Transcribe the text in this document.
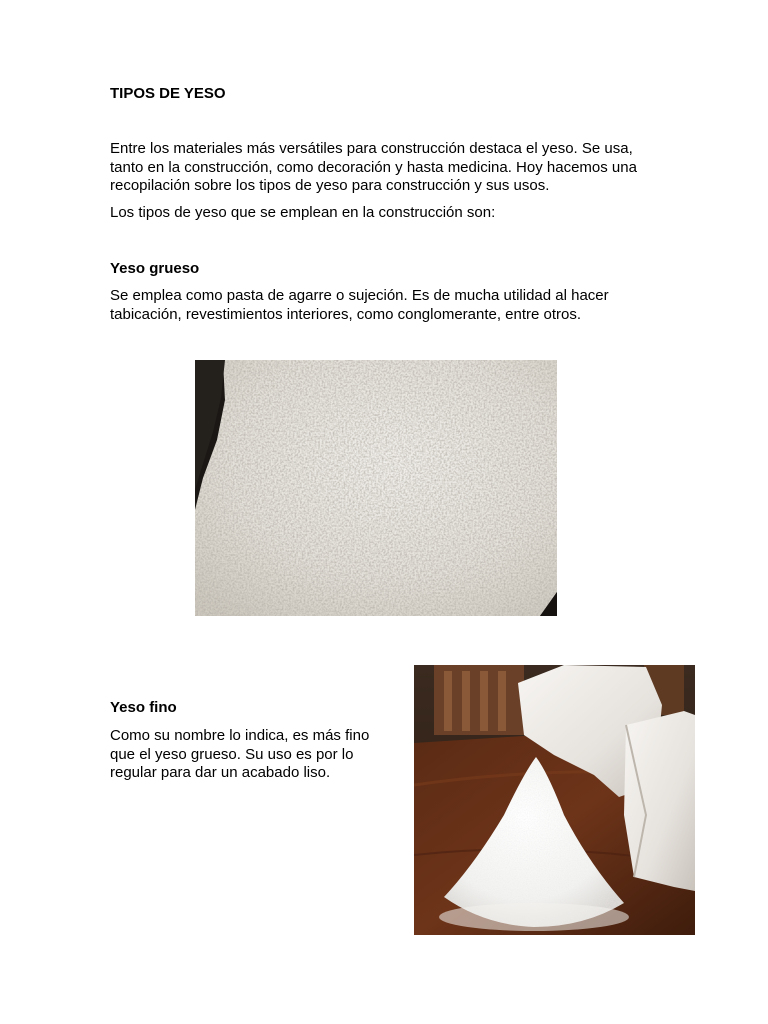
TIPOS DE YESO

Entre los materiales más versátiles para construcción destaca el yeso. Se usa, tanto en la construcción, como decoración y hasta medicina. Hoy hacemos una recopilación sobre los tipos de yeso para construcción y sus usos.

Los tipos de yeso que se emplean en la construcción son:

Yeso grueso

Se emplea como pasta de agarre o sujeción. Es de mucha utilidad al hacer tabicación, revestimientos interiores, como conglomerante, entre otros.

Yeso fino

Como su nombre lo indica, es más fino que el yeso grueso. Su uso es por lo regular para dar un acabado liso.
